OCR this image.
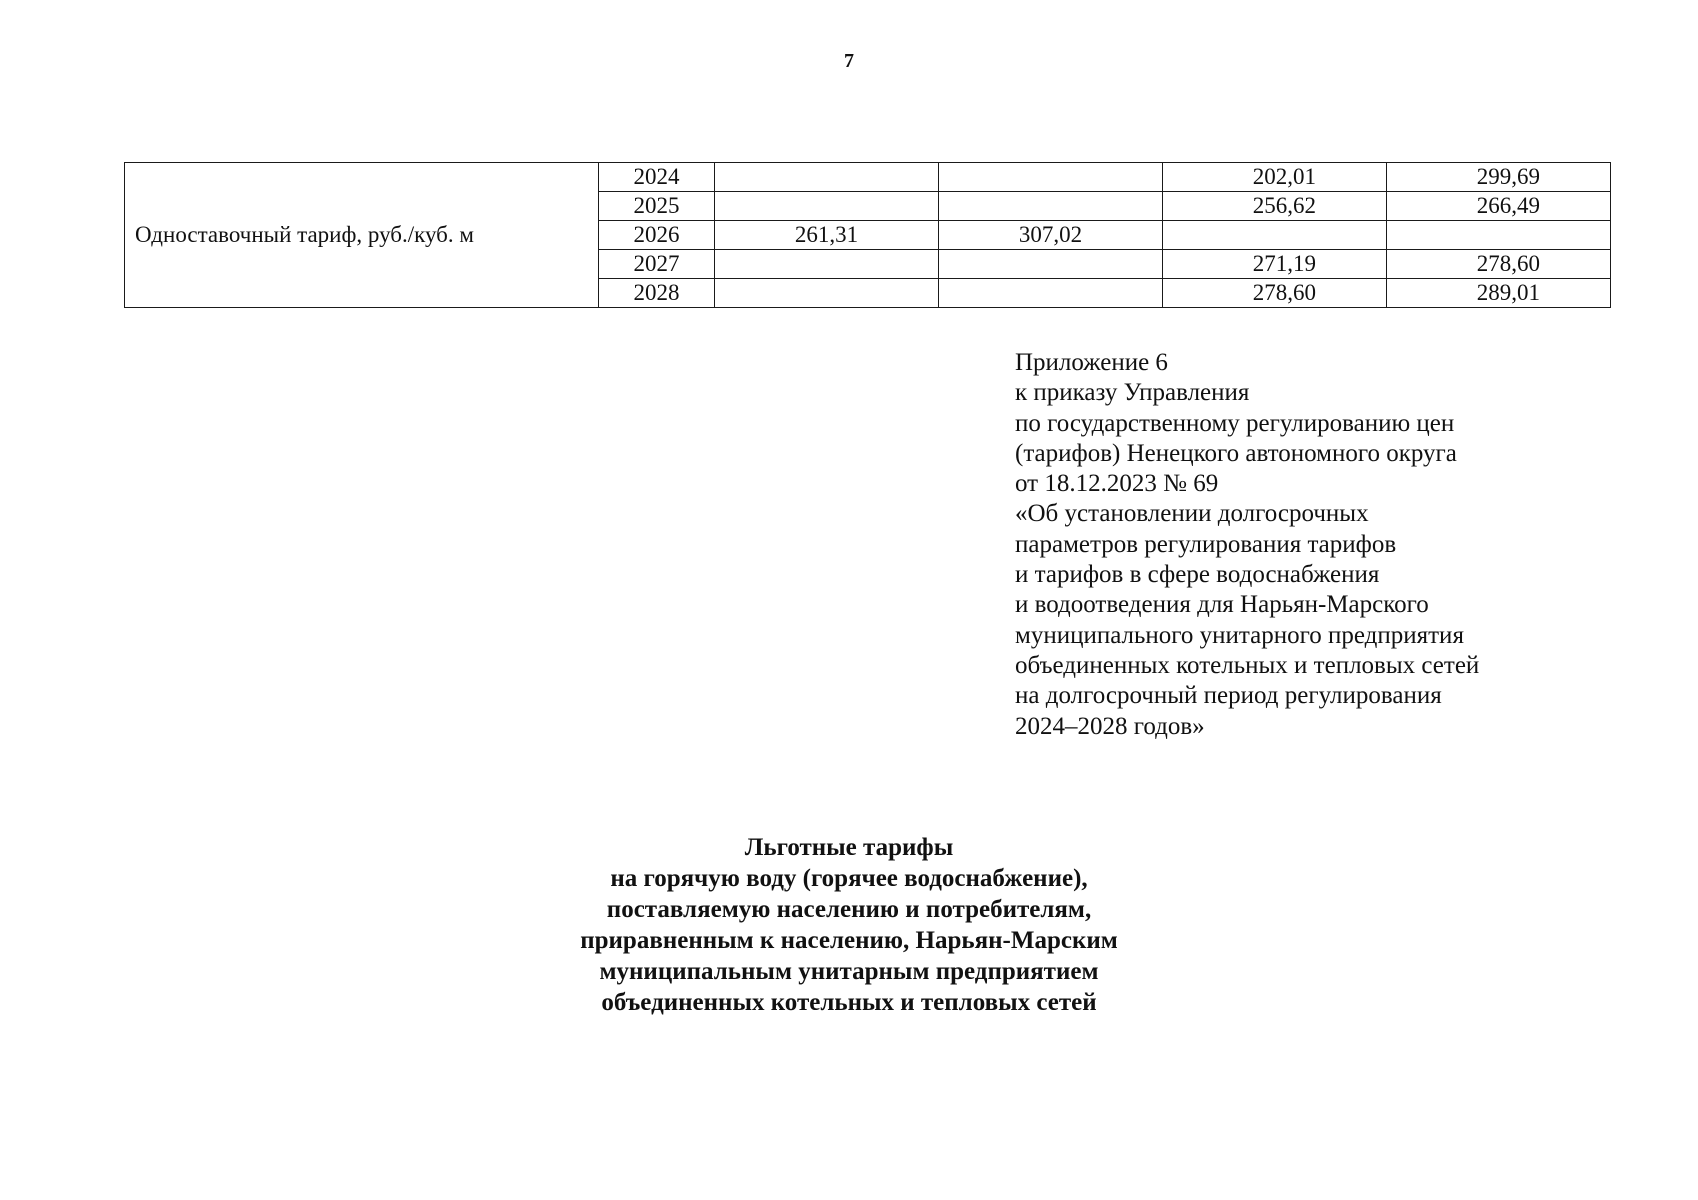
7
Одноставочный тариф, руб./куб. м	2024			202,01	299,69
	2025			256,62	266,49
	2026	261,31	307,02		
	2027			271,19	278,60
	2028			278,60	289,01
Приложение 6
к приказу Управления
по государственному регулированию цен
(тарифов) Ненецкого автономного округа
от 18.12.2023 № 69
«Об установлении долгосрочных
параметров регулирования тарифов
и тарифов в сфере водоснабжения
и водоотведения для Нарьян-Марского
муниципального унитарного предприятия
объединенных котельных и тепловых сетей
на долгосрочный период регулирования
2024–2028 годов»
Льготные тарифы
на горячую воду (горячее водоснабжение),
поставляемую населению и потребителям,
приравненным к населению, Нарьян-Марским
муниципальным унитарным предприятием
объединенных котельных и тепловых сетей
